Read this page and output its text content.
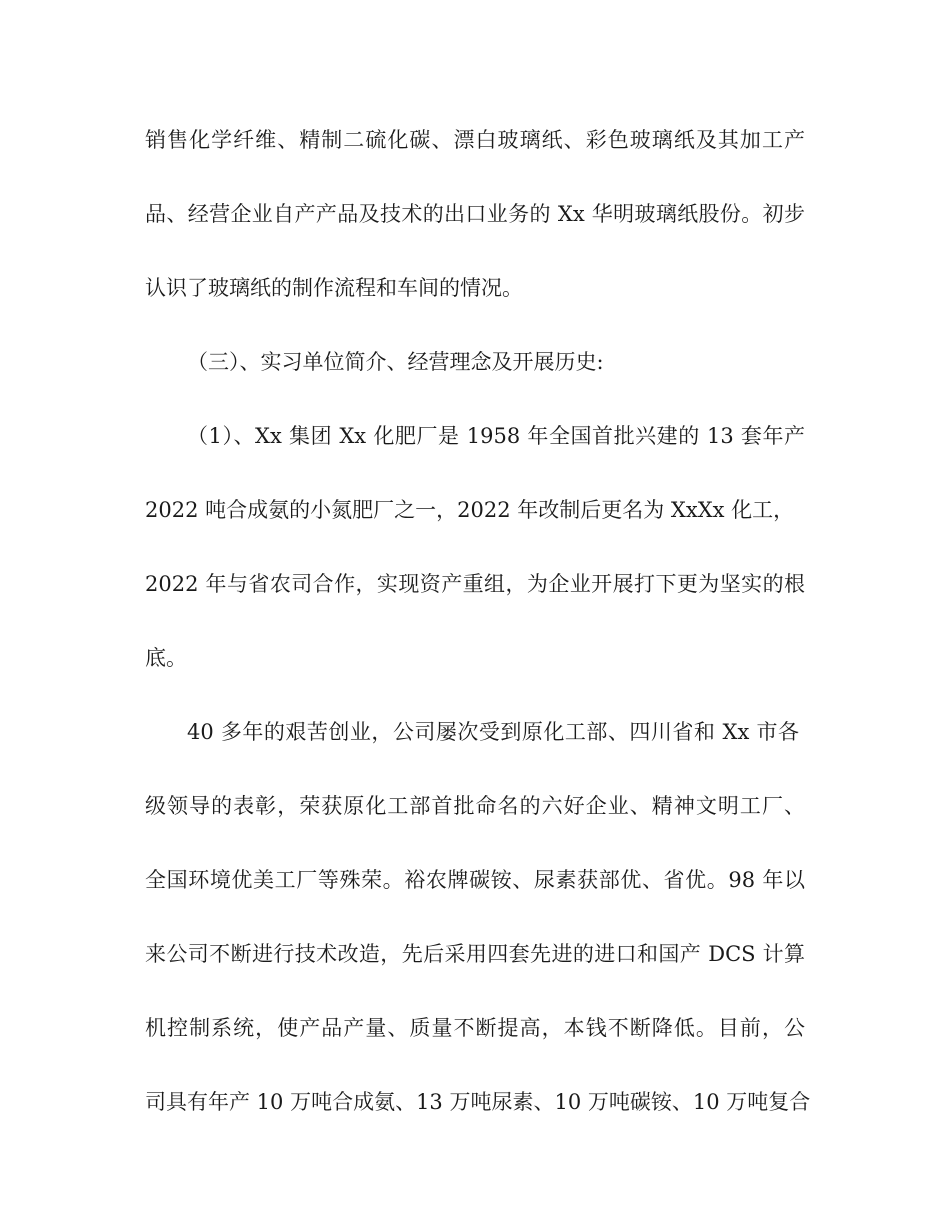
销售化学纤维、精制二硫化碳、漂白玻璃纸、彩色玻璃纸及其加工产
品、经营企业自产产品及技术的出口业务的 Xx 华明玻璃纸股份。初步
认识了玻璃纸的制作流程和车间的情况。
（三）、实习单位简介、经营理念及开展历史:
（1）、Xx 集团 Xx 化肥厂是 1958 年全国首批兴建的 13 套年产
2022 吨合成氨的小氮肥厂之一，2022 年改制后更名为 XxXx 化工，
2022 年与省农司合作，实现资产重组，为企业开展打下更为坚实的根
底。
40 多年的艰苦创业，公司屡次受到原化工部、四川省和 Xx 市各
级领导的表彰，荣获原化工部首批命名的六好企业、精神文明工厂、
全国环境优美工厂等殊荣。裕农牌碳铵、尿素获部优、省优。98 年以
来公司不断进行技术改造，先后采用四套先进的进口和国产 DCS 计算
机控制系统，使产品产量、质量不断提高，本钱不断降低。目前，公
司具有年产 10 万吨合成氨、13 万吨尿素、10 万吨碳铵、10 万吨复合
